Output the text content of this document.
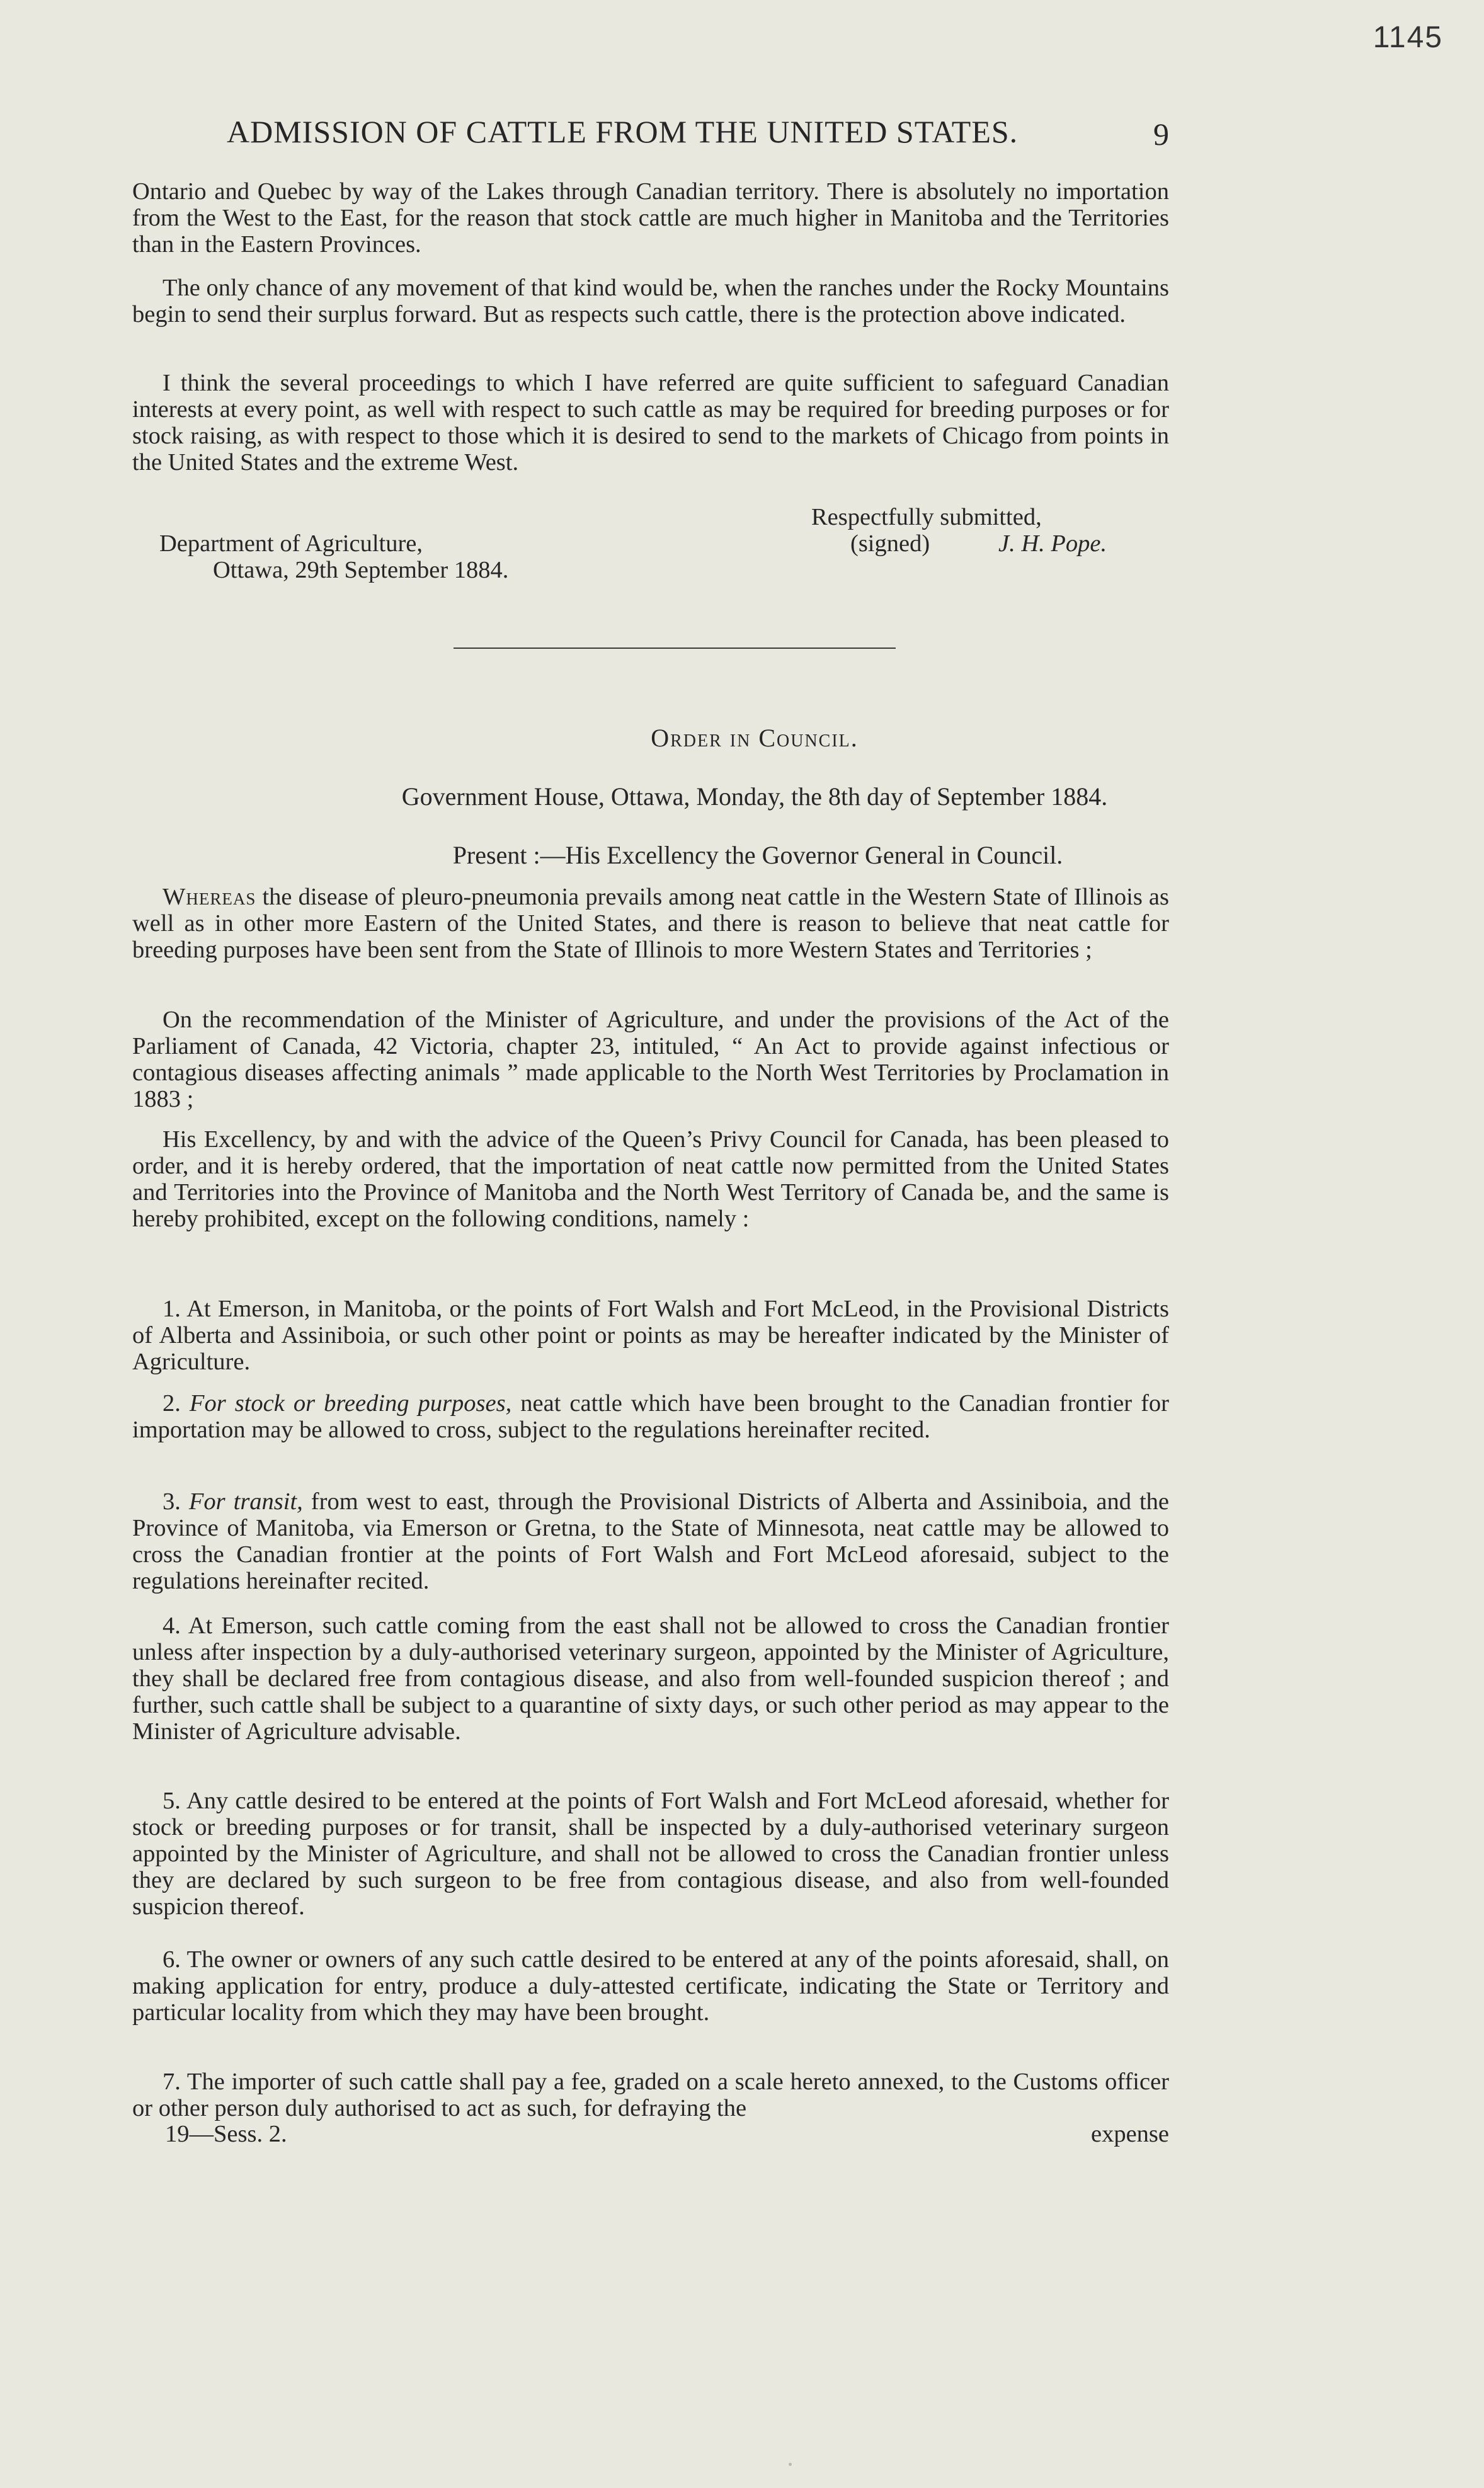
1145
ADMISSION OF CATTLE FROM THE UNITED STATES.	9

Ontario and Quebec by way of the Lakes through Canadian territory. There is absolutely no importation from the West to the East, for the reason that stock cattle are much higher in Manitoba and the Territories than in the Eastern Provinces.

The only chance of any movement of that kind would be, when the ranches under the Rocky Mountains begin to send their surplus forward. But as respects such cattle, there is the protection above indicated.

I think the several proceedings to which I have referred are quite sufficient to safeguard Canadian interests at every point, as well with respect to such cattle as may be required for breeding purposes or for stock raising, as with respect to those which it is desired to send to the markets of Chicago from points in the United States and the extreme West.

Respectfully submitted,
Department of Agriculture,	(signed)	J. H. Pope.
Ottawa, 29th September 1884.
Order in Council.
Government House, Ottawa, Monday, the 8th day of September 1884.
Present :—His Excellency the Governor General in Council.

Whereas the disease of pleuro-pneumonia prevails among neat cattle in the Western State of Illinois as well as in other more Eastern of the United States, and there is reason to believe that neat cattle for breeding purposes have been sent from the State of Illinois to more Western States and Territories ;

On the recommendation of the Minister of Agriculture, and under the provisions of the Act of the Parliament of Canada, 42 Victoria, chapter 23, intituled, “ An Act to provide against infectious or contagious diseases affecting animals ” made applicable to the North West Territories by Proclamation in 1883 ;

His Excellency, by and with the advice of the Queen’s Privy Council for Canada, has been pleased to order, and it is hereby ordered, that the importation of neat cattle now permitted from the United States and Territories into the Province of Manitoba and the North West Territory of Canada be, and the same is hereby prohibited, except on the following conditions, namely :

1. At Emerson, in Manitoba, or the points of Fort Walsh and Fort McLeod, in the Provisional Districts of Alberta and Assiniboia, or such other point or points as may be hereafter indicated by the Minister of Agriculture.

2. For stock or breeding purposes, neat cattle which have been brought to the Canadian frontier for importation may be allowed to cross, subject to the regulations hereinafter recited.

3. For transit, from west to east, through the Provisional Districts of Alberta and Assiniboia, and the Province of Manitoba, via Emerson or Gretna, to the State of Minnesota, neat cattle may be allowed to cross the Canadian frontier at the points of Fort Walsh and Fort McLeod aforesaid, subject to the regulations hereinafter recited.

4. At Emerson, such cattle coming from the east shall not be allowed to cross the Canadian frontier unless after inspection by a duly-authorised veterinary surgeon, appointed by the Minister of Agriculture, they shall be declared free from contagious disease, and also from well-founded suspicion thereof ; and further, such cattle shall be subject to a quarantine of sixty days, or such other period as may appear to the Minister of Agriculture advisable.

5. Any cattle desired to be entered at the points of Fort Walsh and Fort McLeod aforesaid, whether for stock or breeding purposes or for transit, shall be inspected by a duly-authorised veterinary surgeon appointed by the Minister of Agriculture, and shall not be allowed to cross the Canadian frontier unless they are declared by such surgeon to be free from contagious disease, and also from well-founded suspicion thereof.

6. The owner or owners of any such cattle desired to be entered at any of the points aforesaid, shall, on making application for entry, produce a duly-attested certificate, indicating the State or Territory and particular locality from which they may have been brought.

7. The importer of such cattle shall pay a fee, graded on a scale hereto annexed, to the Customs officer or other person duly authorised to act as such, for defraying the

19—Sess. 2.	expense
